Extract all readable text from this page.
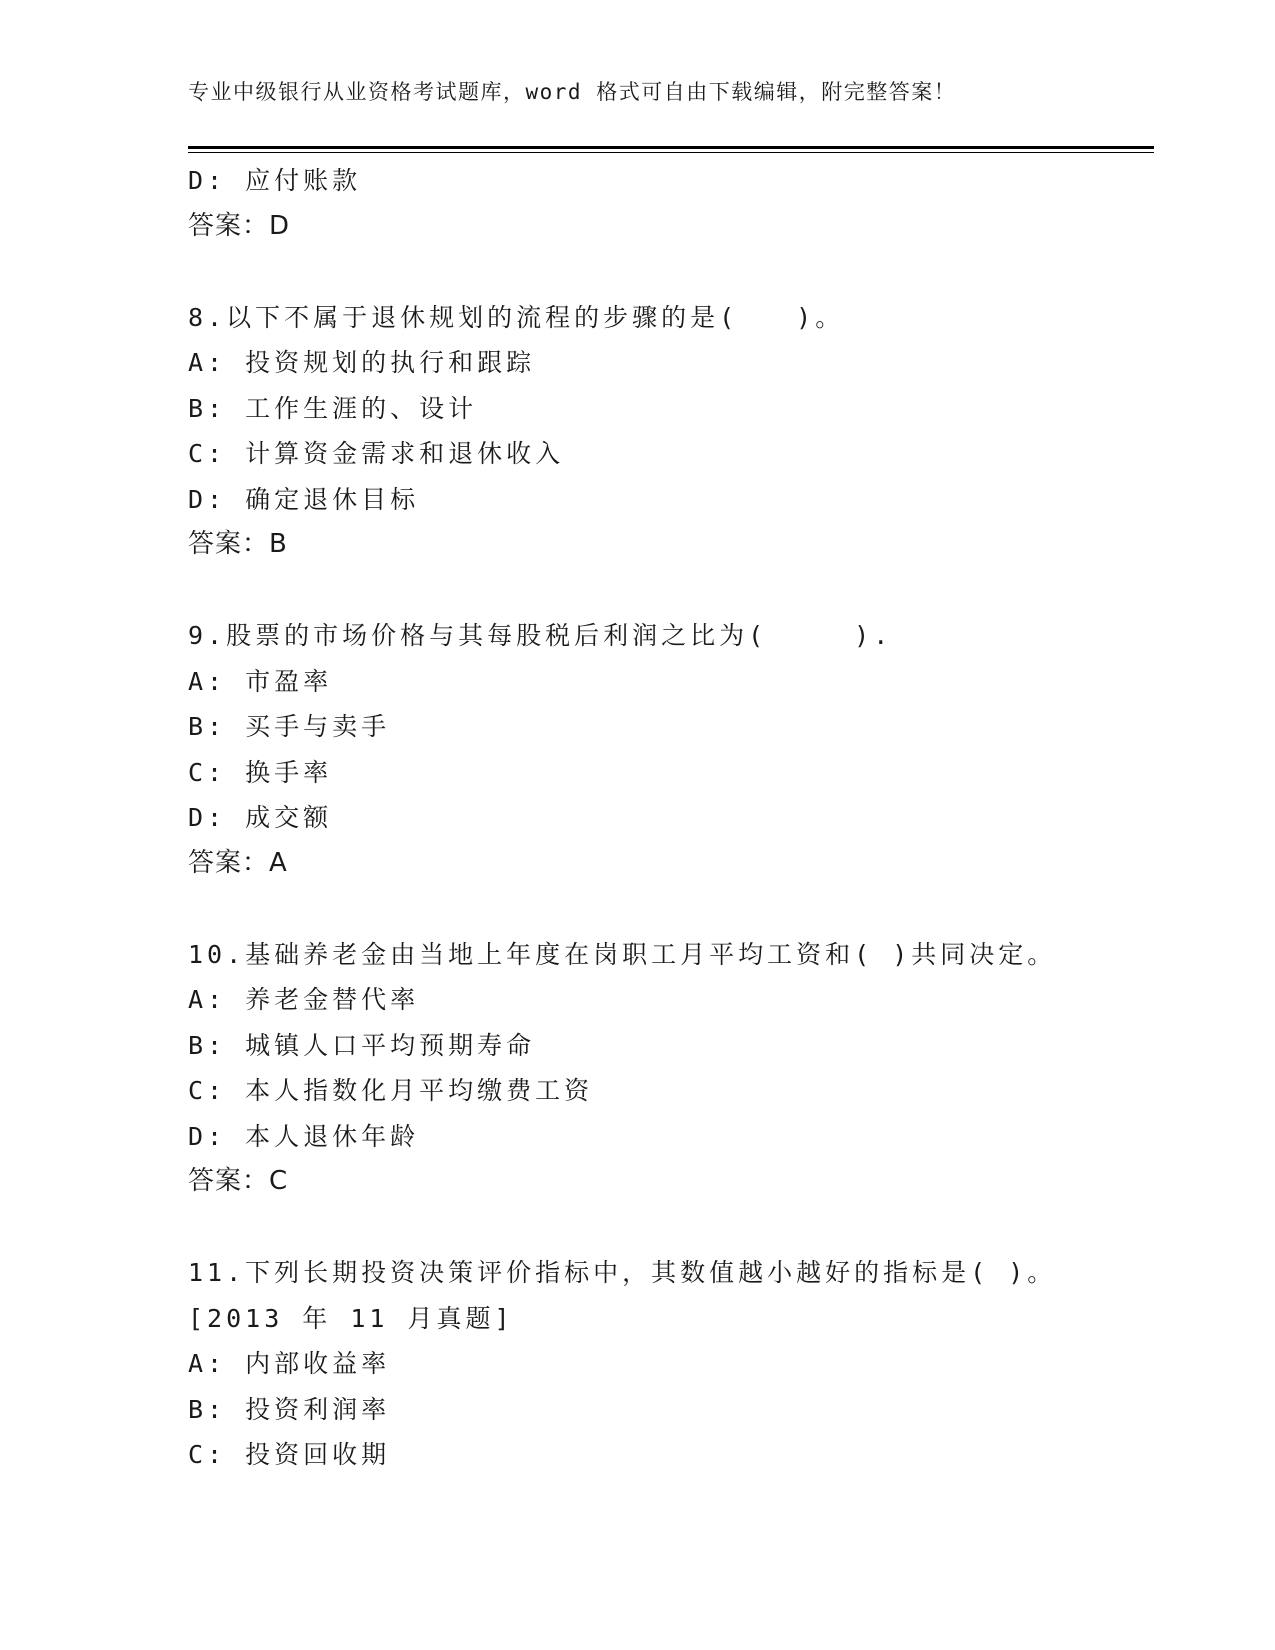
专业中级银行从业资格考试题库，word 格式可自由下载编辑，附完整答案！
D: 应付账款
答案：D
8.以下不属于退休规划的流程的步骤的是(　　)。
A: 投资规划的执行和跟踪
B: 工作生涯的、设计
C: 计算资金需求和退休收入
D: 确定退休目标
答案：B
9.股票的市场价格与其每股税后利润之比为(　　　).
A: 市盈率
B: 买手与卖手
C: 换手率
D: 成交额
答案：A
10.基础养老金由当地上年度在岗职工月平均工资和( )共同决定。
A: 养老金替代率
B: 城镇人口平均预期寿命
C: 本人指数化月平均缴费工资
D: 本人退休年龄
答案：C
11.下列长期投资决策评价指标中，其数值越小越好的指标是( )。
[2013 年 11 月真题]
A: 内部收益率
B: 投资利润率
C: 投资回收期
